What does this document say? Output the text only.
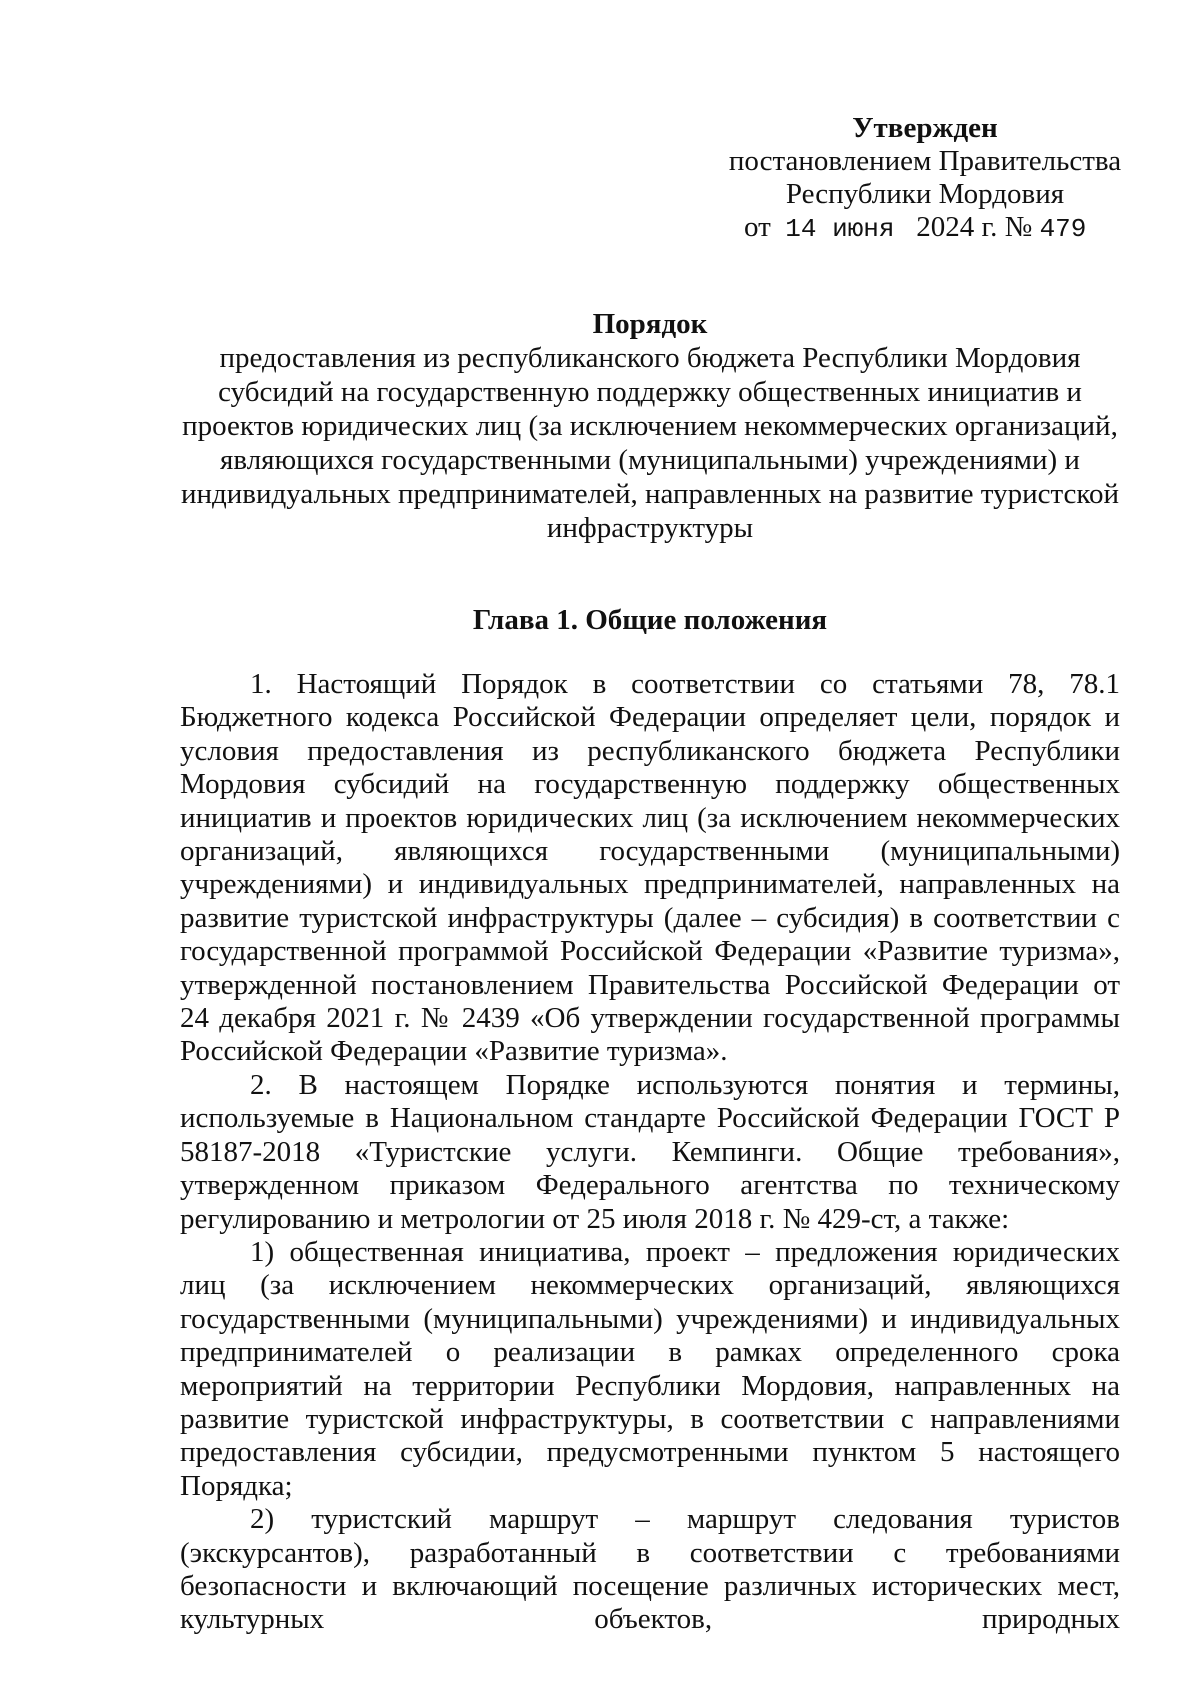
Утвержден
постановлением Правительства
Республики Мордовия
от 14 июня 2024 г. № 479
Порядок
предоставления из республиканского бюджета Республики Мордовия
субсидий на государственную поддержку общественных инициатив и
проектов юридических лиц (за исключением некоммерческих организаций,
являющихся государственными (муниципальными) учреждениями) и
индивидуальных предпринимателей, направленных на развитие туристской
инфраструктуры
Глава 1. Общие положения

1. Настоящий Порядок в соответствии со статьями 78, 78.1 Бюджетного кодекса Российской Федерации определяет цели, порядок и условия предоставления из республиканского бюджета Республики Мордовия субсидий на государственную поддержку общественных инициатив и проектов юридических лиц (за исключением некоммерческих организаций, являющихся государственными (муниципальными) учреждениями) и индивидуальных предпринимателей, направленных на развитие туристской инфраструктуры (далее – субсидия) в соответствии с государственной программой Российской Федерации «Развитие туризма», утвержденной постановлением Правительства Российской Федерации от 24 декабря 2021 г. № 2439 «Об утверждении государственной программы Российской Федерации «Развитие туризма».

2. В настоящем Порядке используются понятия и термины, используемые в Национальном стандарте Российской Федерации ГОСТ Р 58187-2018 «Туристские услуги. Кемпинги. Общие требования», утвержденном приказом Федерального агентства по техническому регулированию и метрологии от 25 июля 2018 г. № 429-ст, а также:

1) общественная инициатива, проект – предложения юридических лиц (за исключением некоммерческих организаций, являющихся государственными (муниципальными) учреждениями) и индивидуальных предпринимателей о реализации в рамках определенного срока мероприятий на территории Республики Мордовия, направленных на развитие туристской инфраструктуры, в соответствии с направлениями предоставления субсидии, предусмотренными пунктом 5 настоящего Порядка;

2) туристский маршрут – маршрут следования туристов (экскурсантов), разработанный в соответствии с требованиями безопасности и включающий посещение различных исторических мест, культурных объектов, природных
